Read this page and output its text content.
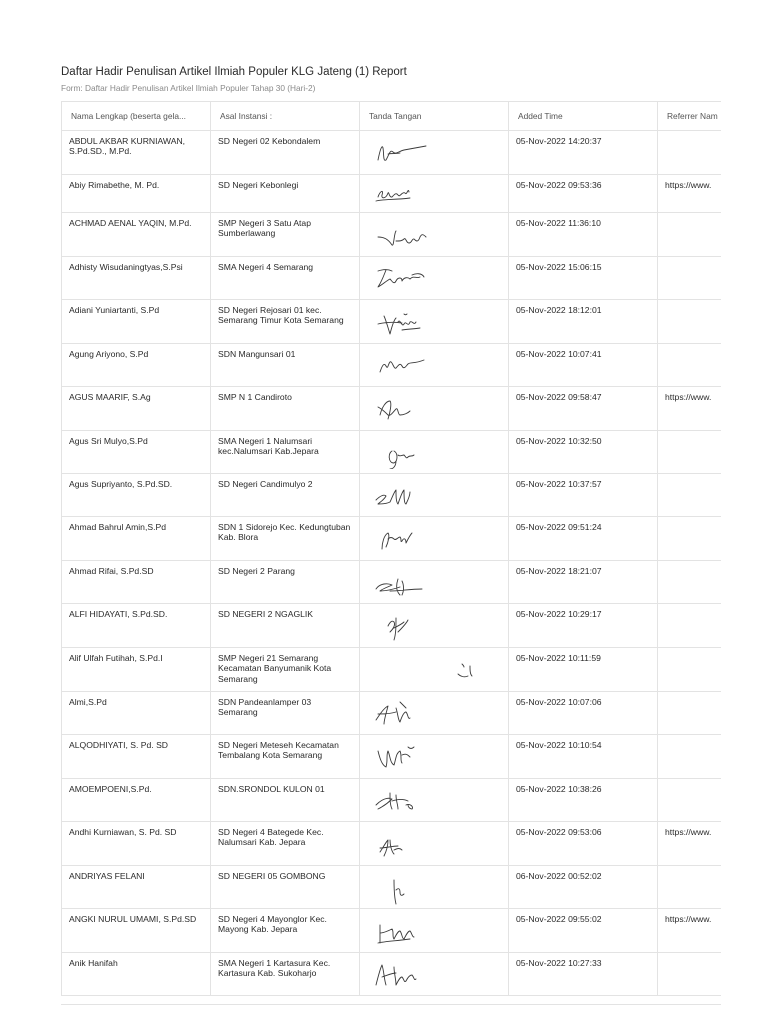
Daftar Hadir Penulisan Artikel Ilmiah Populer KLG Jateng (1) Report
Form: Daftar Hadir Penulisan Artikel Ilmiah Populer Tahap 30 (Hari-2)
Nama Lengkap (beserta gela...	Asal Instansi :	Tanda Tangan	Added Time	Referrer Nam
ABDUL AKBAR KURNIAWAN, S.Pd.SD., M.Pd.	SD Negeri 02 Kebondalem		05-Nov-2022 14:20:37	
Abiy Rimabethe, M. Pd.	SD Negeri Kebonlegi		05-Nov-2022 09:53:36	https://www.
ACHMAD AENAL YAQIN, M.Pd.	SMP Negeri 3 Satu Atap Sumberlawang		05-Nov-2022 11:36:10	
Adhisty Wisudaningtyas,S.Psi	SMA Negeri 4 Semarang		05-Nov-2022 15:06:15	
Adiani Yuniartanti, S.Pd	SD Negeri Rejosari 01 kec. Semarang Timur Kota Semarang		05-Nov-2022 18:12:01	
Agung Ariyono, S.Pd	SDN Mangunsari 01		05-Nov-2022 10:07:41	
AGUS MAARIF, S.Ag	SMP N 1 Candiroto		05-Nov-2022 09:58:47	https://www.
Agus Sri Mulyo,S.Pd	SMA Negeri 1 Nalumsari kec.Nalumsari Kab.Jepara		05-Nov-2022 10:32:50	
Agus Supriyanto, S.Pd.SD.	SD Negeri Candimulyo 2		05-Nov-2022 10:37:57	
Ahmad Bahrul Amin,S.Pd	SDN 1 Sidorejo Kec. Kedungtuban Kab. Blora		05-Nov-2022 09:51:24	
Ahmad Rifai, S.Pd.SD	SD Negeri 2 Parang		05-Nov-2022 18:21:07	
ALFI HIDAYATI, S.Pd.SD.	SD NEGERI 2 NGAGLIK		05-Nov-2022 10:29:17	
Alif Ulfah Futihah, S.Pd.I	SMP Negeri 21 Semarang Kecamatan Banyumanik Kota Semarang		05-Nov-2022 10:11:59	
Almi,S.Pd	SDN Pandeanlamper 03 Semarang		05-Nov-2022 10:07:06	
ALQODHIYATI, S. Pd. SD	SD Negeri Meteseh Kecamatan Tembalang Kota Semarang		05-Nov-2022 10:10:54	
AMOEMPOENI,S.Pd.	SDN.SRONDOL KULON 01		05-Nov-2022 10:38:26	
Andhi Kurniawan, S. Pd. SD	SD Negeri 4 Bategede Kec. Nalumsari Kab. Jepara		05-Nov-2022 09:53:06	https://www.
ANDRIYAS FELANI	SD NEGERI 05 GOMBONG		06-Nov-2022 00:52:02	
ANGKI NURUL UMAMI, S.Pd.SD	SD Negeri 4 Mayonglor Kec. Mayong Kab. Jepara		05-Nov-2022 09:55:02	https://www.
Anik Hanifah	SMA Negeri 1 Kartasura Kec. Kartasura Kab. Sukoharjo		05-Nov-2022 10:27:33	
